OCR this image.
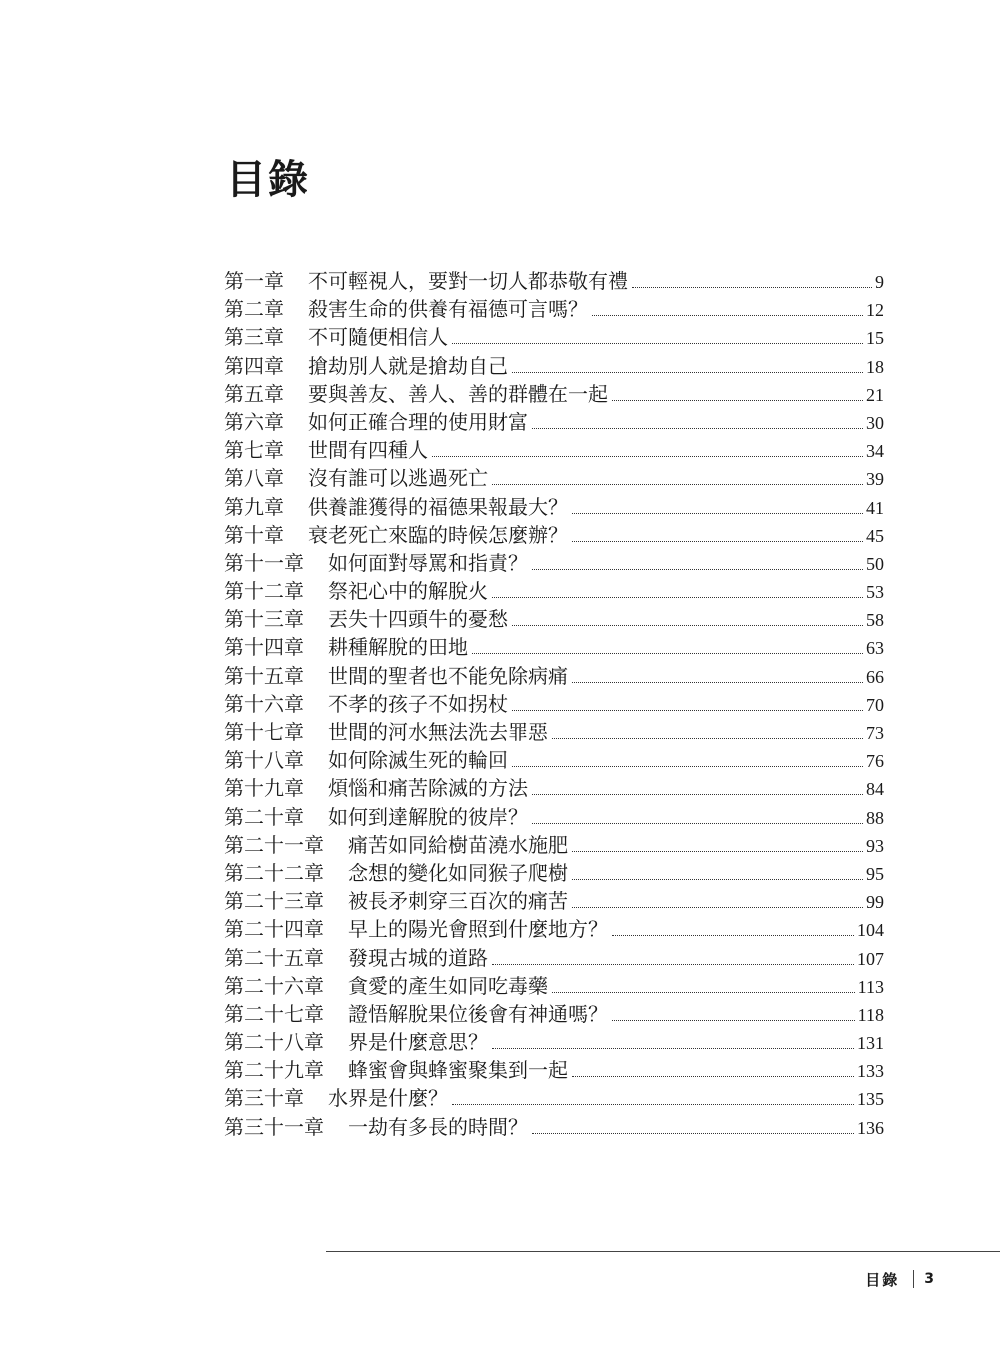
目錄
第一章 不可輕視人，要對一切人都恭敬有禮	9
第二章 殺害生命的供養有福德可言嗎？	12
第三章 不可隨便相信人	15
第四章 搶劫別人就是搶劫自己	18
第五章 要與善友、善人、善的群體在一起	21
第六章 如何正確合理的使用財富	30
第七章 世間有四種人	34
第八章 沒有誰可以逃過死亡	39
第九章 供養誰獲得的福德果報最大？	41
第十章 衰老死亡來臨的時候怎麼辦？	45
第十一章 如何面對辱罵和指責？	50
第十二章 祭祀心中的解脫火	53
第十三章 丟失十四頭牛的憂愁	58
第十四章 耕種解脫的田地	63
第十五章 世間的聖者也不能免除病痛	66
第十六章 不孝的孩子不如拐杖	70
第十七章 世間的河水無法洗去罪惡	73
第十八章 如何除滅生死的輪回	76
第十九章 煩惱和痛苦除滅的方法	84
第二十章 如何到達解脫的彼岸？	88
第二十一章 痛苦如同給樹苗澆水施肥	93
第二十二章 念想的變化如同猴子爬樹	95
第二十三章 被長矛刺穿三百次的痛苦	99
第二十四章 早上的陽光會照到什麼地方？	104
第二十五章 發現古城的道路	107
第二十六章 貪愛的產生如同吃毒藥	113
第二十七章 證悟解脫果位後會有神通嗎？	118
第二十八章 界是什麼意思？	131
第二十九章 蜂蜜會與蜂蜜聚集到一起	133
第三十章 水界是什麼？	135
第三十一章 一劫有多長的時間？	136
目錄 3
